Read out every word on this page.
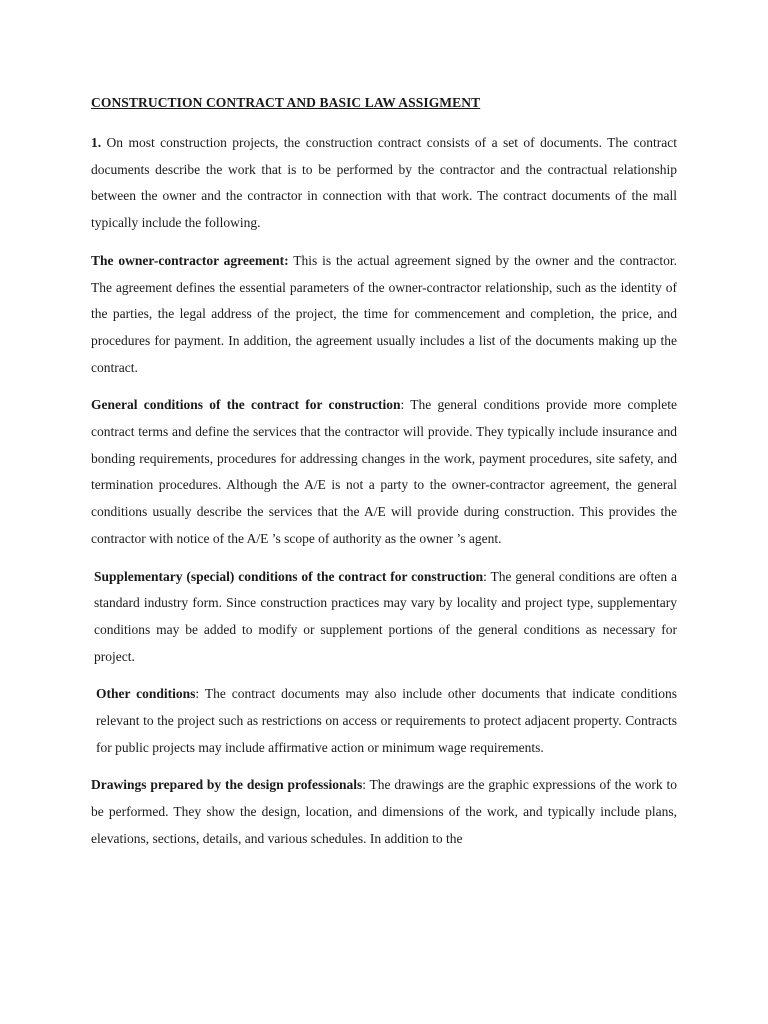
CONSTRUCTION CONTRACT AND BASIC LAW ASSIGMENT

1. On most construction projects, the construction contract consists of a set of documents. The contract documents describe the work that is to be performed by the contractor and the contractual relationship between the owner and the contractor in connection with that work. The contract documents of the mall typically include the following.

The owner-contractor agreement: This is the actual agreement signed by the owner and the contractor. The agreement defines the essential parameters of the owner-contractor relationship, such as the identity of the parties, the legal address of the project, the time for commencement and completion, the price, and procedures for payment. In addition, the agreement usually includes a list of the documents making up the contract.

General conditions of the contract for construction: The general conditions provide more complete contract terms and define the services that the contractor will provide. They typically include insurance and bonding requirements, procedures for addressing changes in the work, payment procedures, site safety, and termination procedures. Although the A/E is not a party to the owner-contractor agreement, the general conditions usually describe the services that the A/E will provide during construction. This provides the contractor with notice of the A/E ’s scope of authority as the owner ’s agent.

Supplementary (special) conditions of the contract for construction: The general conditions are often a standard industry form. Since construction practices may vary by locality and project type, supplementary conditions may be added to modify or supplement portions of the general conditions as necessary for project.

Other conditions: The contract documents may also include other documents that indicate conditions relevant to the project such as restrictions on access or requirements to protect adjacent property. Contracts for public projects may include affirmative action or minimum wage requirements.

Drawings prepared by the design professionals: The drawings are the graphic expressions of the work to be performed. They show the design, location, and dimensions of the work, and typically include plans, elevations, sections, details, and various schedules. In addition to the
